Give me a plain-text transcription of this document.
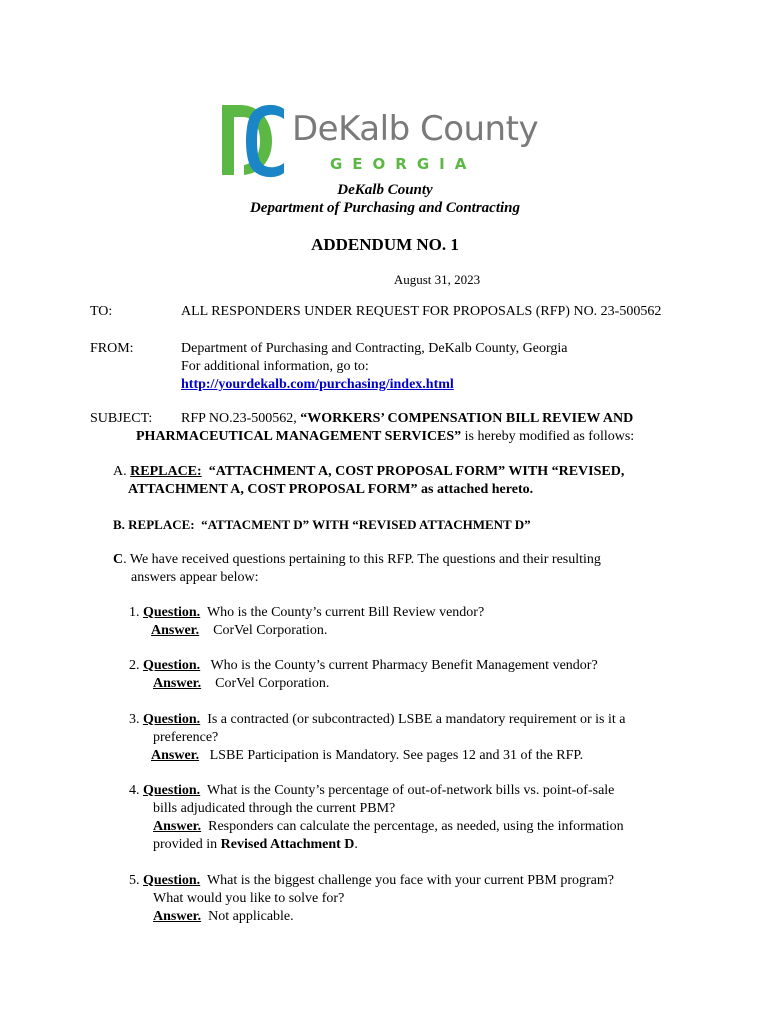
DeKalb County
GEORGIA
DeKalb County
Department of Purchasing and Contracting
ADDENDUM NO. 1
August 31, 2023
TO:	ALL RESPONDERS UNDER REQUEST FOR PROPOSALS (RFP) NO. 23-500562
FROM:	Department of Purchasing and Contracting, DeKalb County, Georgia
For additional information, go to:
http://yourdekalb.com/purchasing/index.html
SUBJECT: RFP NO.23-500562, “WORKERS’ COMPENSATION BILL REVIEW AND
PHARMACEUTICAL MANAGEMENT SERVICES” is hereby modified as follows:
A. REPLACE:  “ATTACHMENT A, COST PROPOSAL FORM” WITH “REVISED,
ATTACHMENT A, COST PROPOSAL FORM” as attached hereto.
B. REPLACE:  “ATTACMENT D” WITH “REVISED ATTACHMENT D”
C. We have received questions pertaining to this RFP. The questions and their resulting
answers appear below:
1. Question. Who is the County’s current Bill Review vendor?
Answer. CorVel Corporation.
2. Question. Who is the County’s current Pharmacy Benefit Management vendor?
Answer. CorVel Corporation.
3. Question. Is a contracted (or subcontracted) LSBE a mandatory requirement or is it a
preference?
Answer. LSBE Participation is Mandatory. See pages 12 and 31 of the RFP.
4. Question. What is the County’s percentage of out-of-network bills vs. point-of-sale
bills adjudicated through the current PBM?
Answer. Responders can calculate the percentage, as needed, using the information
provided in Revised Attachment D.
5. Question. What is the biggest challenge you face with your current PBM program?
What would you like to solve for?
Answer. Not applicable.
